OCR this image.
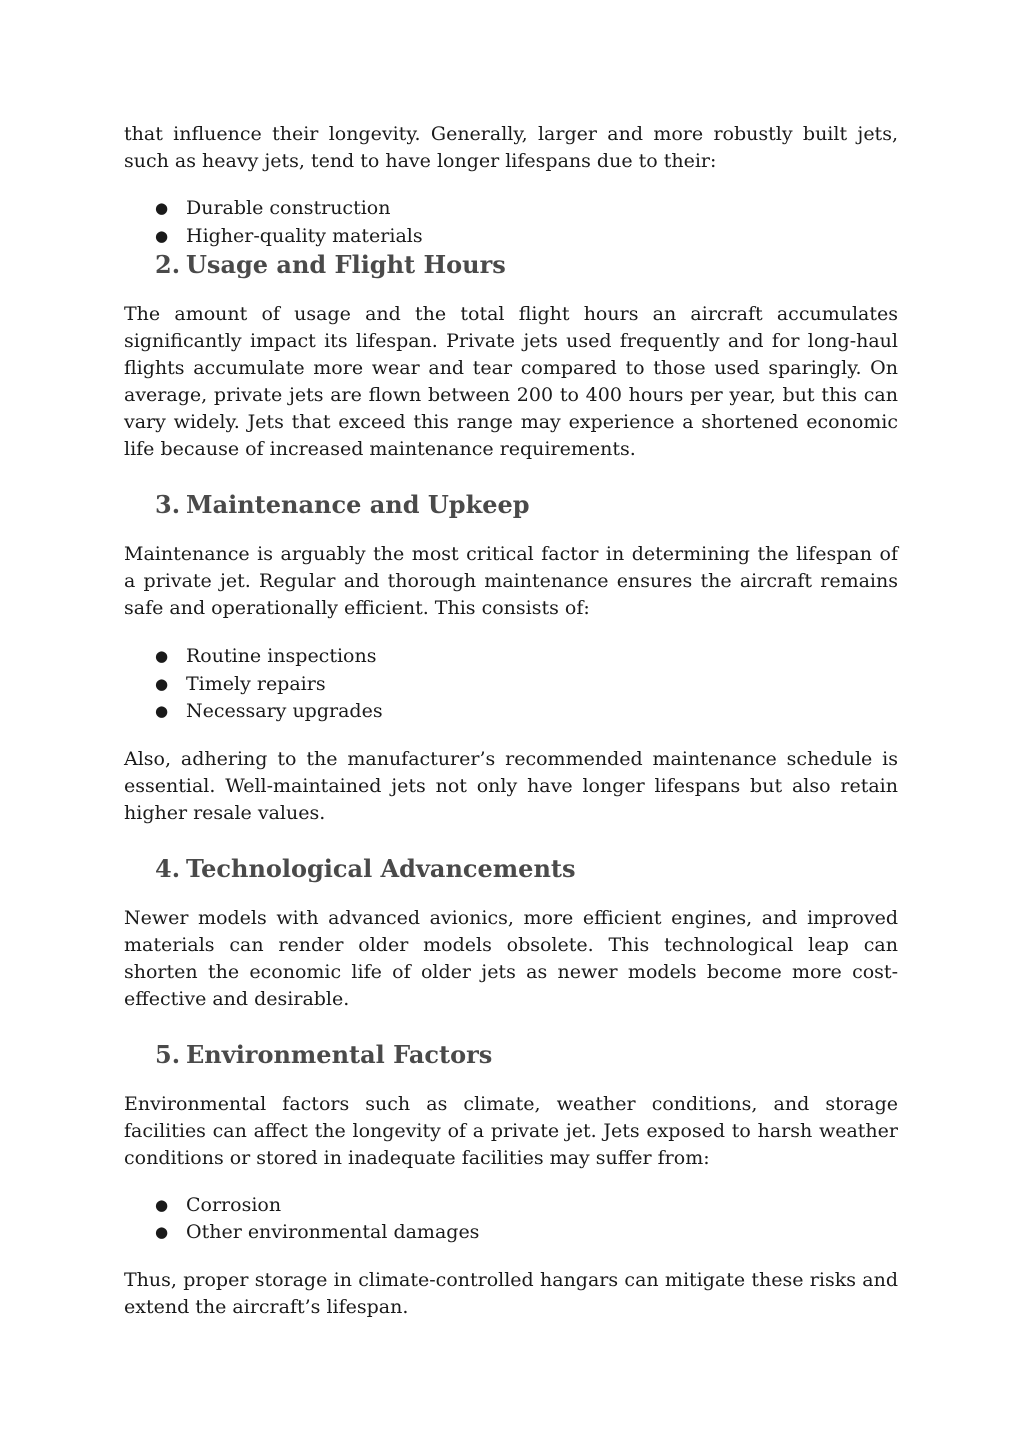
that influence their longevity. Generally, larger and more robustly built jets, such as heavy jets, tend to have longer lifespans due to their:

● Durable construction
● Higher-quality materials
2. Usage and Flight Hours

The amount of usage and the total flight hours an aircraft accumulates significantly impact its lifespan. Private jets used frequently and for long-haul flights accumulate more wear and tear compared to those used sparingly. On average, private jets are flown between 200 to 400 hours per year, but this can vary widely. Jets that exceed this range may experience a shortened economic life because of increased maintenance requirements.

3. Maintenance and Upkeep

Maintenance is arguably the most critical factor in determining the lifespan of a private jet. Regular and thorough maintenance ensures the aircraft remains safe and operationally efficient. This consists of:

● Routine inspections
● Timely repairs
● Necessary upgrades

Also, adhering to the manufacturer’s recommended maintenance schedule is essential. Well-maintained jets not only have longer lifespans but also retain higher resale values.

4. Technological Advancements

Newer models with advanced avionics, more efficient engines, and improved materials can render older models obsolete. This technological leap can shorten the economic life of older jets as newer models become more cost-effective and desirable.

5. Environmental Factors

Environmental factors such as climate, weather conditions, and storage facilities can affect the longevity of a private jet. Jets exposed to harsh weather conditions or stored in inadequate facilities may suffer from:

● Corrosion
● Other environmental damages

Thus, proper storage in climate-controlled hangars can mitigate these risks and extend the aircraft’s lifespan.
